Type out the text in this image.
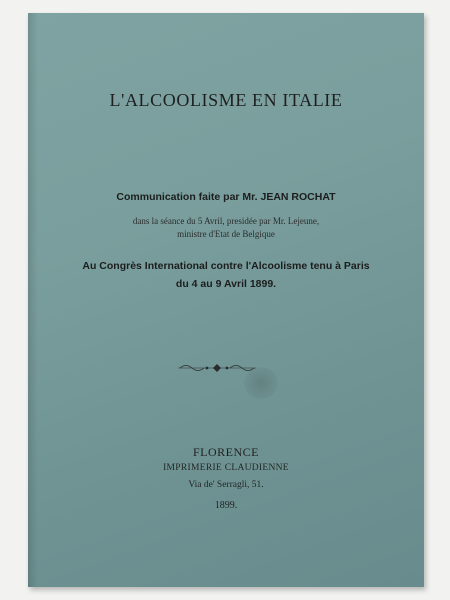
L'ALCOOLISME EN ITALIE
Communication faite par Mr. JEAN ROCHAT
dans la séance du 5 Avril, presidée par Mr. Lejeune,
ministre d'Etat de Belgique
Au Congrès International contre l'Alcoolisme tenu à Paris
du 4 au 9 Avril 1899.
FLORENCE
IMPRIMERIE CLAUDIENNE
Via de' Serragli, 51.
1899.
